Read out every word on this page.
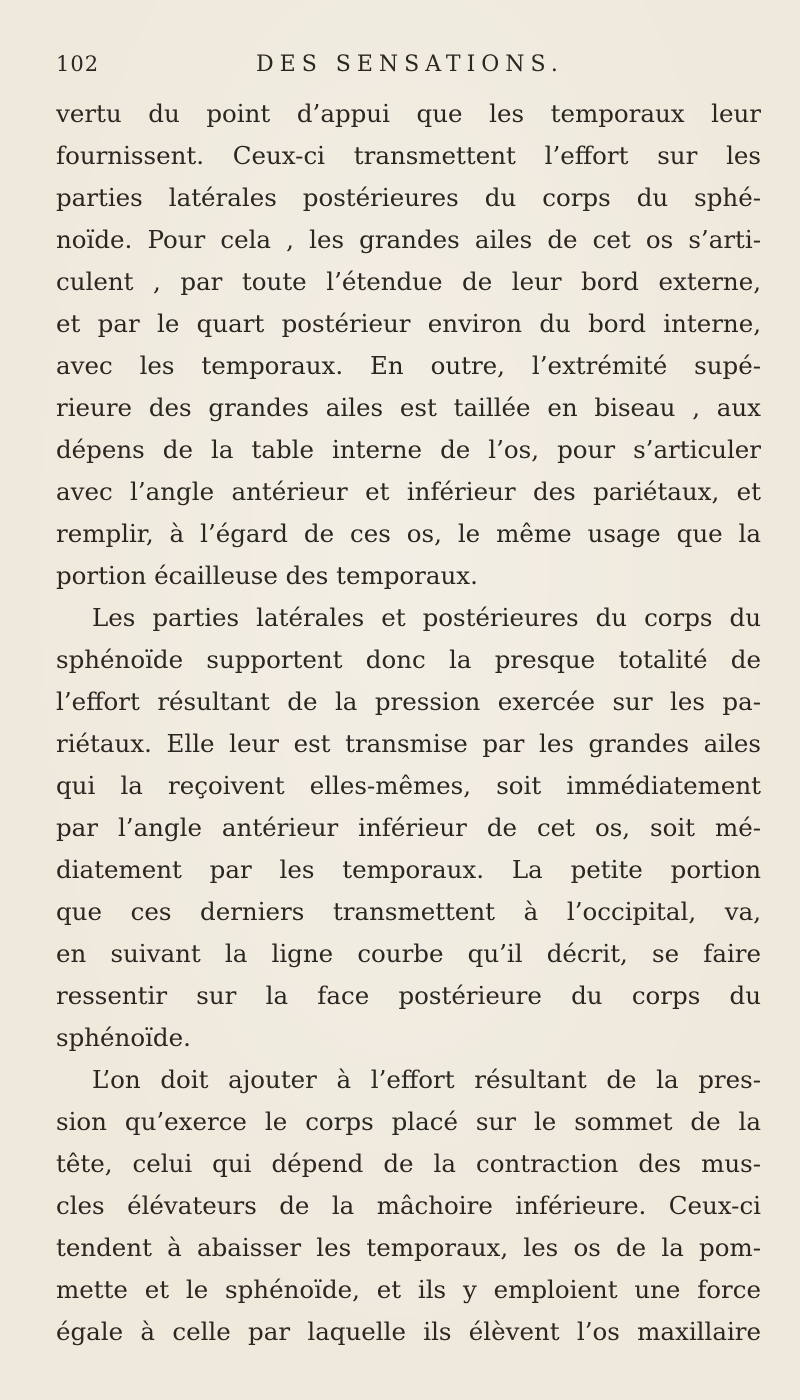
102	DES SENSATIONS.
vertu du point d’appui que les temporaux leur
fournissent. Ceux-ci transmettent l’effort sur les
parties latérales postérieures du corps du sphé-
noïde. Pour cela , les grandes ailes de cet os s’arti-
culent , par toute l’étendue de leur bord externe,
et par le quart postérieur environ du bord interne,
avec les temporaux. En outre, l’extrémité supé-
rieure des grandes ailes est taillée en biseau , aux
dépens de la table interne de l’os, pour s’articuler
avec l’angle antérieur et inférieur des pariétaux, et
remplir, à l’égard de ces os, le même usage que la
portion écailleuse des temporaux.
Les parties latérales et postérieures du corps du
sphénoïde supportent donc la presque totalité de
l’effort résultant de la pression exercée sur les pa-
riétaux. Elle leur est transmise par les grandes ailes
qui la reçoivent elles-mêmes, soit immédiatement
par l’angle antérieur inférieur de cet os, soit mé-
diatement par les temporaux. La petite portion
que ces derniers transmettent à l’occipital, va,
en suivant la ligne courbe qu’il décrit, se faire
ressentir sur la face postérieure du corps du
sphénoïde.
L’on doit ajouter à l’effort résultant de la pres-
sion qu’exerce le corps placé sur le sommet de la
tête, celui qui dépend de la contraction des mus-
cles élévateurs de la mâchoire inférieure. Ceux-ci
tendent à abaisser les temporaux, les os de la pom-
mette et le sphénoïde, et ils y emploient une force
égale à celle par laquelle ils élèvent l’os maxillaire
